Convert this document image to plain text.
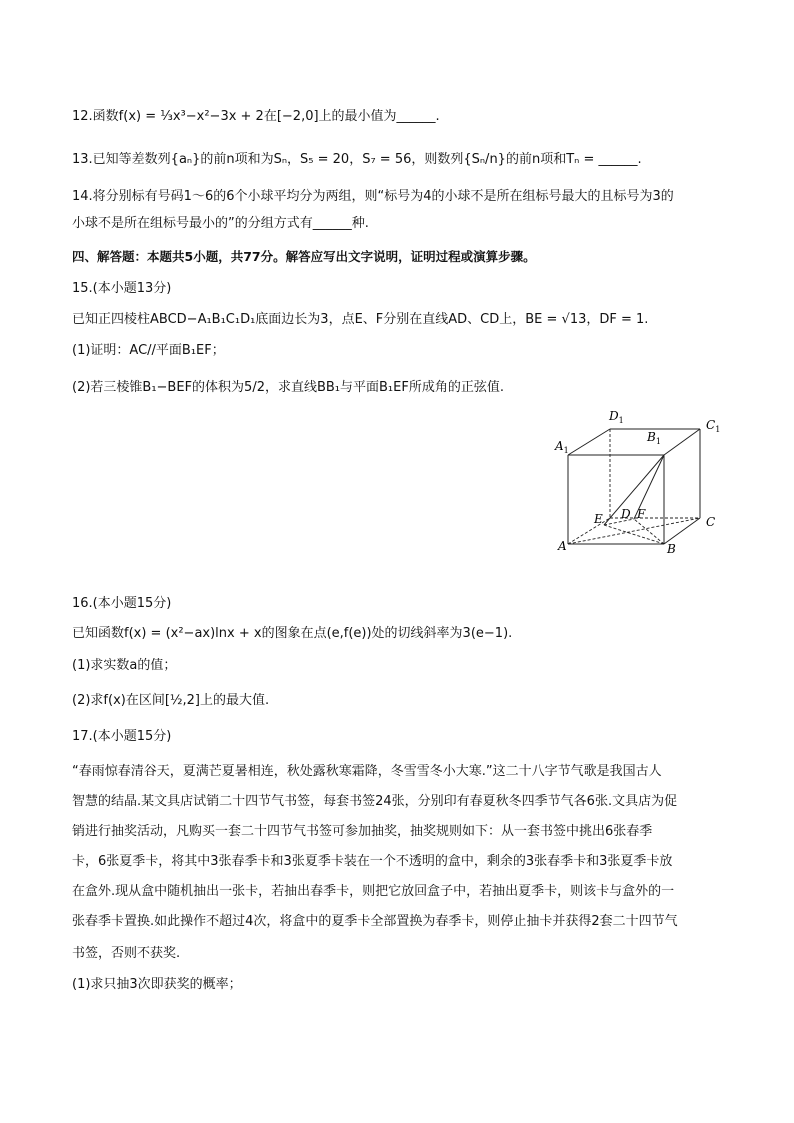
12.函数f(x) = ⅓x³−x²−3x + 2在[−2,0]上的最小值为______.
13.已知等差数列{aₙ}的前n项和为Sₙ，S₅ = 20，S₇ = 56，则数列{Sₙ/n}的前n项和Tₙ = ______.
14.将分别标有号码1～6的6个小球平均分为两组，则“标号为4的小球不是所在组标号最大的且标号为3的
小球不是所在组标号最小的”的分组方式有______种.
四、解答题：本题共5小题，共77分。解答应写出文字说明，证明过程或演算步骤。
15.(本小题13分)
已知正四棱柱ABCD−A₁B₁C₁D₁底面边长为3，点E、F分别在直线AD、CD上，BE = √13，DF = 1.
(1)证明：AC//平面B₁EF；
(2)若三棱锥B₁−BEF的体积为5/2，求直线BB₁与平面B₁EF所成角的正弦值.
$D_1$	$C_1$
$A_1$
$B_1$
E D F
C
A	B
16.(本小题15分)
已知函数f(x) = (x²−ax)lnx + x的图象在点(e,f(e))处的切线斜率为3(e−1).
(1)求实数a的值；
(2)求f(x)在区间[½,2]上的最大值.
17.(本小题15分)
“春雨惊春清谷天，夏满芒夏暑相连，秋处露秋寒霜降，冬雪雪冬小大寒.”这二十八字节气歌是我国古人
智慧的结晶.某文具店试销二十四节气书签，每套书签24张，分别印有春夏秋冬四季节气各6张.文具店为促
销进行抽奖活动，凡购买一套二十四节气书签可参加抽奖，抽奖规则如下：从一套书签中挑出6张春季
卡，6张夏季卡，将其中3张春季卡和3张夏季卡装在一个不透明的盒中，剩余的3张春季卡和3张夏季卡放
在盒外.现从盒中随机抽出一张卡，若抽出春季卡，则把它放回盒子中，若抽出夏季卡，则该卡与盒外的一
张春季卡置换.如此操作不超过4次，将盒中的夏季卡全部置换为春季卡，则停止抽卡并获得2套二十四节气
书签，否则不获奖.
(1)求只抽3次即获奖的概率；
